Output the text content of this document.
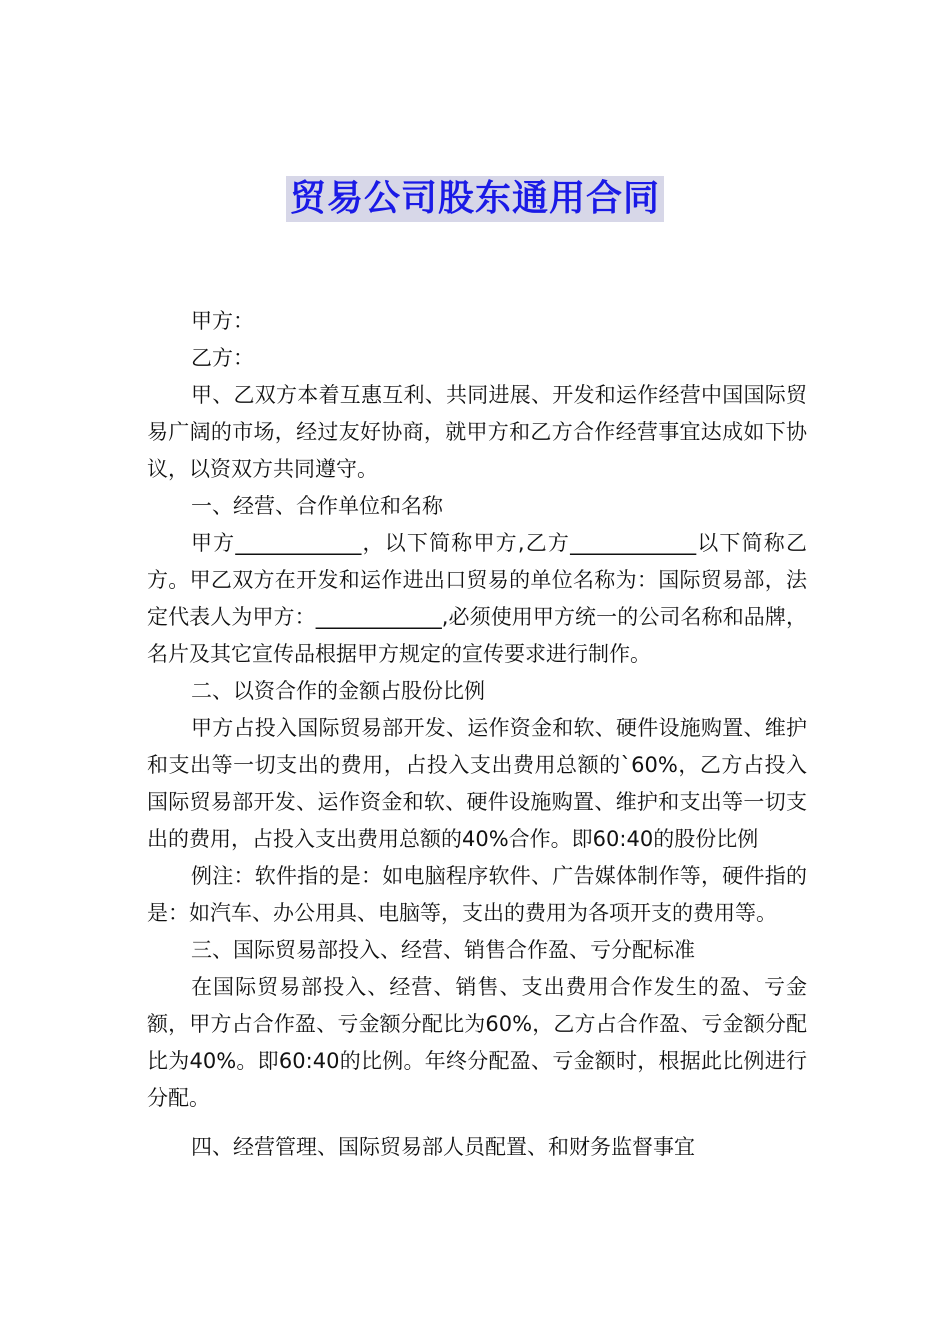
贸易公司股东通用合同

甲方：

乙方：

甲、乙双方本着互惠互利、共同进展、开发和运作经营中国国际贸易广阔的市场，经过友好协商，就甲方和乙方合作经营事宜达成如下协议，以资双方共同遵守。

一、经营、合作单位和名称

甲方____________，以下简称甲方,乙方____________以下简称乙方。甲乙双方在开发和运作进出口贸易的单位名称为：国际贸易部，法定代表人为甲方：____________,必须使用甲方统一的公司名称和品牌，名片及其它宣传品根据甲方规定的宣传要求进行制作。

二、以资合作的金额占股份比例

甲方占投入国际贸易部开发、运作资金和软、硬件设施购置、维护和支出等一切支出的费用，占投入支出费用总额的`60%，乙方占投入国际贸易部开发、运作资金和软、硬件设施购置、维护和支出等一切支出的费用，占投入支出费用总额的40%合作。即60:40的股份比例

例注：软件指的是：如电脑程序软件、广告媒体制作等，硬件指的是：如汽车、办公用具、电脑等，支出的费用为各项开支的费用等。

三、国际贸易部投入、经营、销售合作盈、亏分配标准

在国际贸易部投入、经营、销售、支出费用合作发生的盈、亏金额，甲方占合作盈、亏金额分配比为60%，乙方占合作盈、亏金额分配比为40%。即60:40的比例。年终分配盈、亏金额时，根据此比例进行分配。

四、经营管理、国际贸易部人员配置、和财务监督事宜
